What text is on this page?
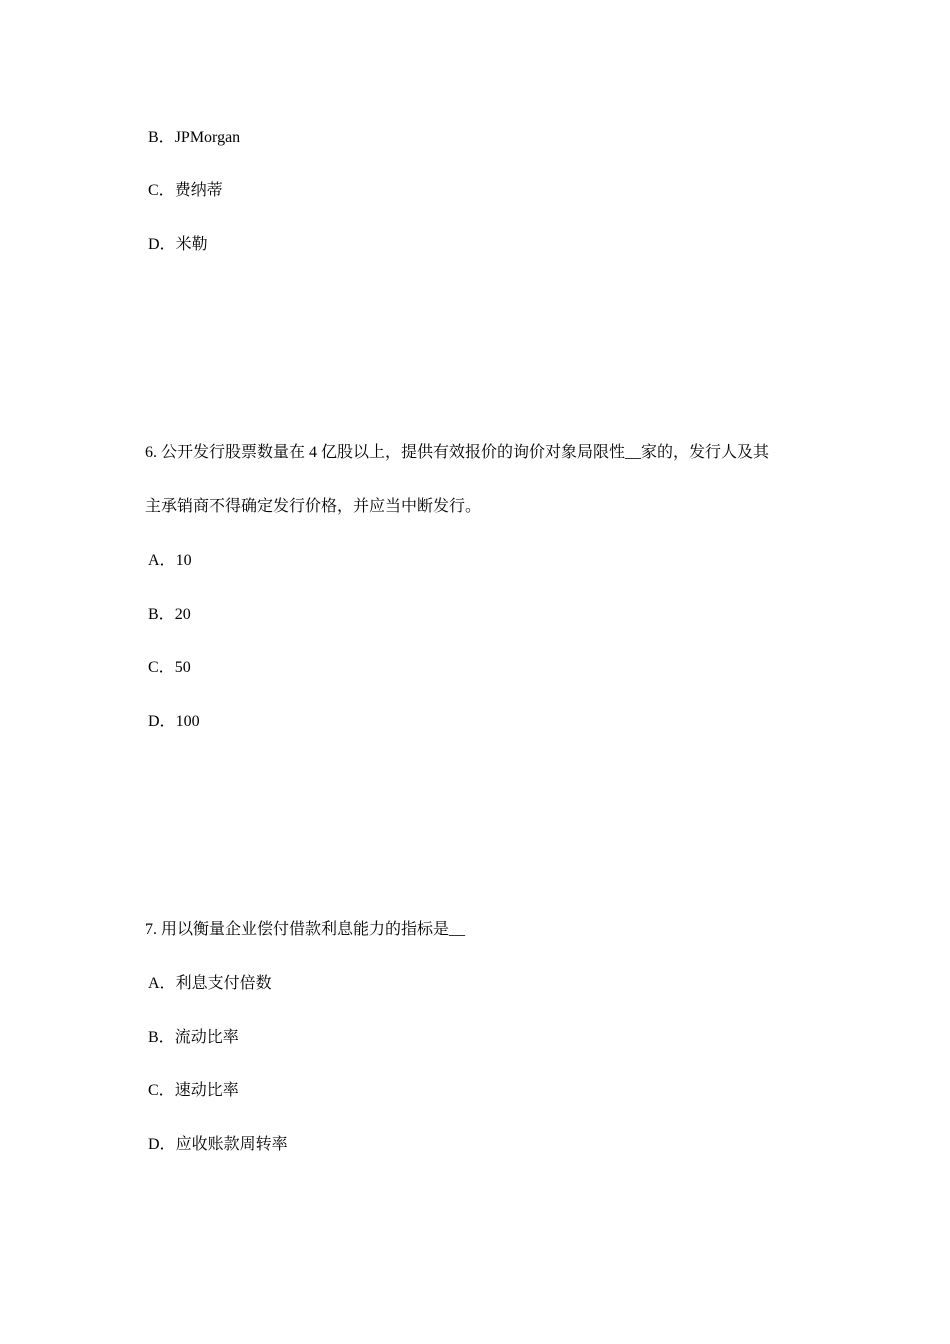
B．JPMorgan
C．费纳蒂
D．米勒
6. 公开发行股票数量在 4 亿股以上，提供有效报价的询价对象局限性__家的，发行人及其
主承销商不得确定发行价格，并应当中断发行。
A．10
B．20
C．50
D．100
7. 用以衡量企业偿付借款利息能力的指标是__
A．利息支付倍数
B．流动比率
C．速动比率
D．应收账款周转率
